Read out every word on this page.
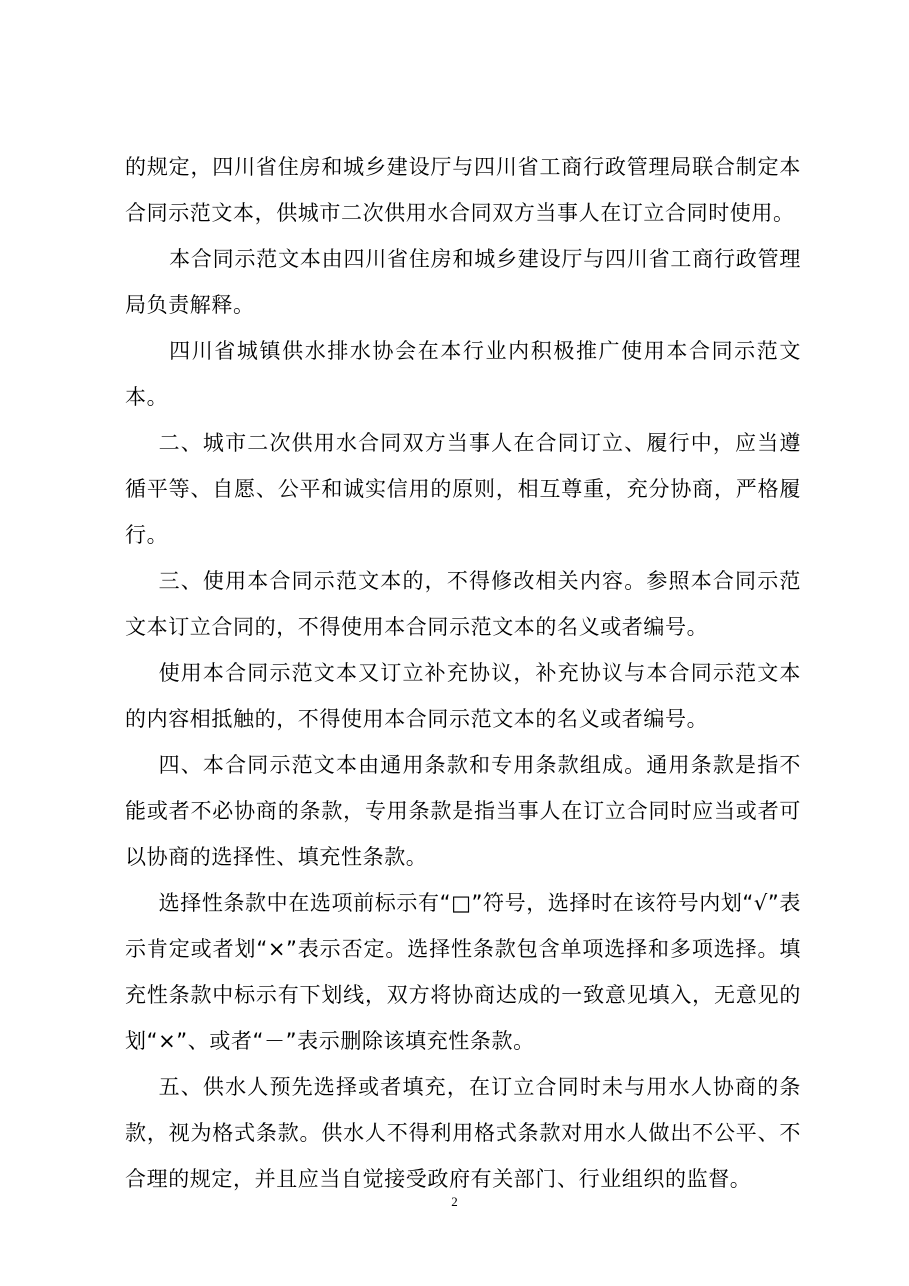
的规定，四川省住房和城乡建设厅与四川省工商行政管理局联合制定本合同示范文本，供城市二次供用水合同双方当事人在订立合同时使用。

本合同示范文本由四川省住房和城乡建设厅与四川省工商行政管理局负责解释。

四川省城镇供水排水协会在本行业内积极推广使用本合同示范文本。

二、城市二次供用水合同双方当事人在合同订立、履行中，应当遵循平等、自愿、公平和诚实信用的原则，相互尊重，充分协商，严格履行。

三、使用本合同示范文本的，不得修改相关内容。参照本合同示范文本订立合同的，不得使用本合同示范文本的名义或者编号。

使用本合同示范文本又订立补充协议，补充协议与本合同示范文本的内容相抵触的，不得使用本合同示范文本的名义或者编号。

四、本合同示范文本由通用条款和专用条款组成。通用条款是指不能或者不必协商的条款，专用条款是指当事人在订立合同时应当或者可以协商的选择性、填充性条款。

选择性条款中在选项前标示有“□”符号，选择时在该符号内划“√”表示肯定或者划“×”表示否定。选择性条款包含单项选择和多项选择。填充性条款中标示有下划线，双方将协商达成的一致意见填入，无意见的划“×”、或者“－”表示删除该填充性条款。

五、供水人预先选择或者填充，在订立合同时未与用水人协商的条款，视为格式条款。供水人不得利用格式条款对用水人做出不公平、不合理的规定，并且应当自觉接受政府有关部门、行业组织的监督。

2
